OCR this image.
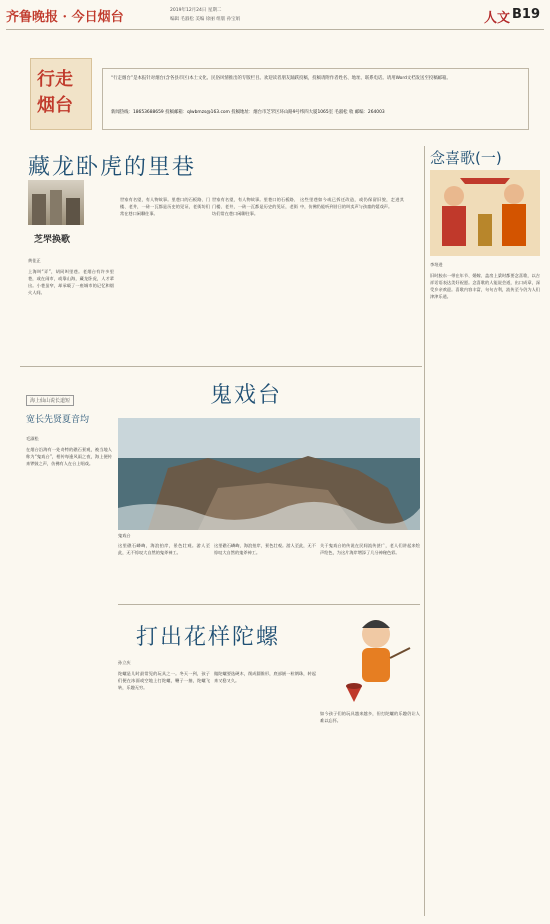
齐鲁晚报 · 今日烟台	2019年12月24日 星期二
编辑 毛淑松 美编 徐丽 组版 孙宝娟	人文 B19
行走烟台
“行走烟台”是本报针对烟台(含各县市区)本土文化、民俗风情推出的专版栏目。欢迎读者朋友踊跃投稿，投稿请附作者姓名、地址、联系电话。请用Word文档发送至投稿邮箱。
新闻热线：18653688659 投稿邮箱：qlwbmzs@163.com 投稿地址：烟台市芝罘区环山路9号纬四大厦1065室 毛淑松 收 邮编：264003
藏龙卧虎的里巷
芝罘换歌
黄佳正
上海叫“弄”，胡同叫里巷。老烟台有许多里巷，或在闹市，或靠山海，藏龙卧虎，人才辈出。小巷虽窄，却承载了一座城市的记忆和烟火人间。
世家有名望，有人物故事。里巷口的石板路、门楼、老井，一砖一瓦都是历史的见证，老街坊们常在巷口闲聊往事。
世家有名望，有人物故事。里巷口的石板路、门楼、老井，一砖一瓦都是历史的见证，老街坊们常在巷口闲聊往事。
这些里巷如今或已拆迁改造，或仍保留旧貌，走进其中，仿佛仍能听到昔日的叫卖声与孩童的嬉戏声。
念喜歌(一)
李培进
旧时胶东一带在年节、婚嫁、盖房上梁时都要念喜歌，以吉祥话语表达美好祝愿。念喜歌的人能说会道，出口成章，深受乡亲欢迎。喜歌内容丰富，句句吉利，流传至今仍为人们津津乐道。
鬼戏台
海上仙山说长道短
宽长先贤夏音均
毛淑松
在烟台沿海有一处奇特的礁石景观，被当地人称为“鬼戏台”，相传每逢风雨之夜，海上便传来锣鼓之声，仿佛有人在台上唱戏。
鬼戏台
这里礁石嶙峋，海浪拍岸，景色壮观。游人至此，无不惊叹大自然的鬼斧神工。
这里礁石嶙峋，海浪拍岸，景色壮观。游人至此，无不惊叹大自然的鬼斧神工。
关于鬼戏台的传说在民间流传甚广，老人们讲起来绘声绘色，为这片海岸增添了几分神秘色彩。
打出花样陀螺
孙立庆
陀螺是儿时最常见的玩具之一。冬天一到，孩子们便在冰面或空地上打陀螺，鞭子一抽，陀螺飞转，乐趣无穷。
做陀螺要选硬木，削成圆锥形，底部嵌一粒钢珠，转起来又稳又久。
如今孩子们的玩具越来越多，但打陀螺的乐趣仍让人难以忘怀。
